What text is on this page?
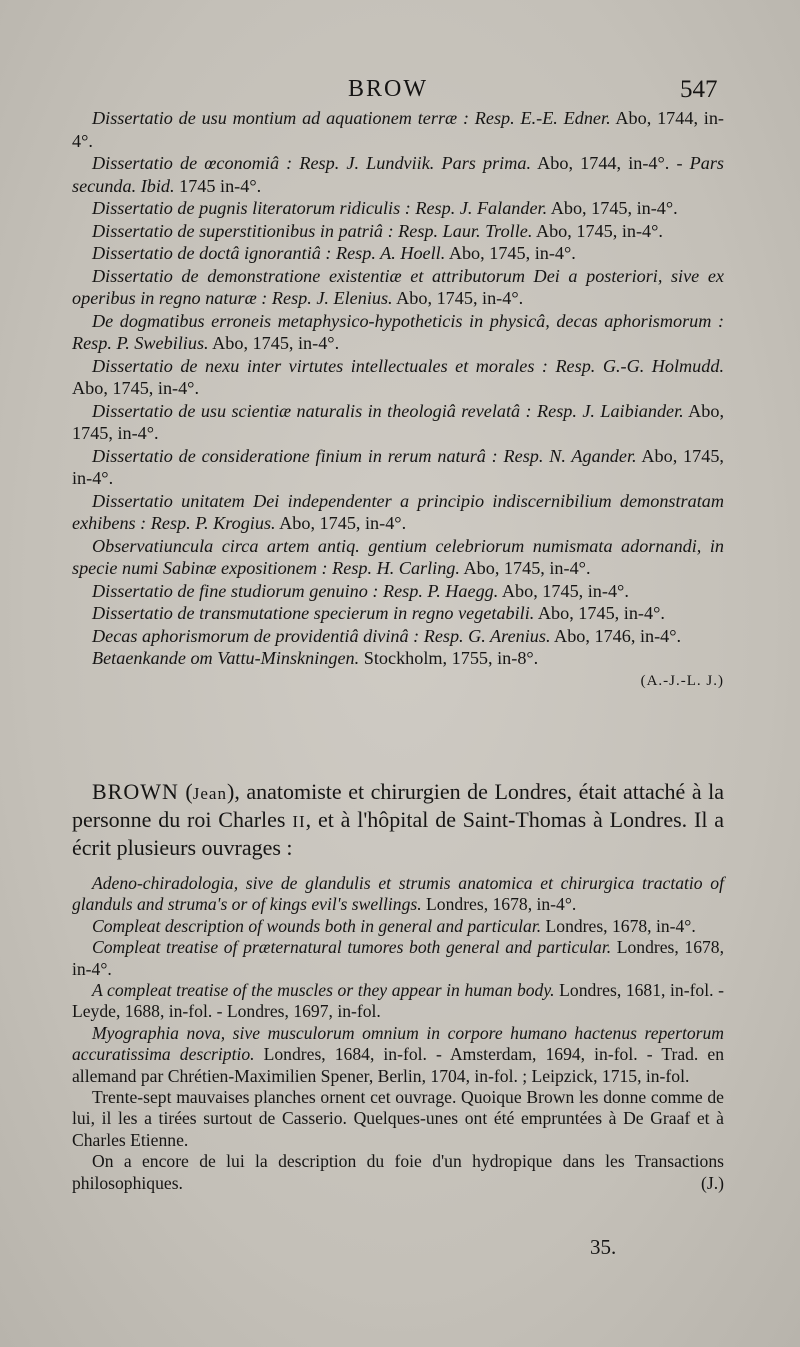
BROW	547
Dissertatio de usu montium ad aquationem terræ : Resp. E.-E. Edner. Abo, 1744, in-4°.
Dissertatio de œconomiâ : Resp. J. Lundviik. Pars prima. Abo, 1744, in-4°. - Pars secunda. Ibid. 1745 in-4°.
Dissertatio de pugnis literatorum ridiculis : Resp. J. Falander. Abo, 1745, in-4°.
Dissertatio de superstitionibus in patriâ : Resp. Laur. Trolle. Abo, 1745, in-4°.
Dissertatio de doctâ ignorantiâ : Resp. A. Hoell. Abo, 1745, in-4°.
Dissertatio de demonstratione existentiæ et attributorum Dei a posteriori, sive ex operibus in regno naturæ : Resp. J. Elenius. Abo, 1745, in-4°.
De dogmatibus erroneis metaphysico-hypotheticis in physicâ, decas aphorismorum : Resp. P. Swebilius. Abo, 1745, in-4°.
Dissertatio de nexu inter virtutes intellectuales et morales : Resp. G.-G. Holmudd. Abo, 1745, in-4°.
Dissertatio de usu scientiæ naturalis in theologiâ revelatâ : Resp. J. Laibiander. Abo, 1745, in-4°.
Dissertatio de consideratione finium in rerum naturâ : Resp. N. Agander. Abo, 1745, in-4°.
Dissertatio unitatem Dei independenter a principio indiscernibilium demonstratam exhibens : Resp. P. Krogius. Abo, 1745, in-4°.
Observatiuncula circa artem antiq. gentium celebriorum numismata adornandi, in specie numi Sabinæ expositionem : Resp. H. Carling. Abo, 1745, in-4°.
Dissertatio de fine studiorum genuino : Resp. P. Haegg. Abo, 1745, in-4°.
Dissertatio de transmutatione specierum in regno vegetabili. Abo, 1745, in-4°.
Decas aphorismorum de providentiâ divinâ : Resp. G. Arenius. Abo, 1746, in-4°.
Betaenkande om Vattu-Minskningen. Stockholm, 1755, in-8°.
(A.-J.-L. J.)
BROWN (Jean), anatomiste et chirurgien de Londres, était attaché à la personne du roi Charles II, et à l'hôpital de Saint-Thomas à Londres. Il a écrit plusieurs ouvrages :
Adeno-chiradologia, sive de glandulis et strumis anatomica et chirurgica tractatio of glanduls and struma's or of kings evil's swellings. Londres, 1678, in-4°.
Compleat description of wounds both in general and particular. Londres, 1678, in-4°.
Compleat treatise of præternatural tumores both general and particular. Londres, 1678, in-4°.
A compleat treatise of the muscles or they appear in human body. Londres, 1681, in-fol. - Leyde, 1688, in-fol. - Londres, 1697, in-fol.
Myographia nova, sive musculorum omnium in corpore humano hactenus repertorum accuratissima descriptio. Londres, 1684, in-fol. - Amsterdam, 1694, in-fol. - Trad. en allemand par Chrétien-Maximilien Spener, Berlin, 1704, in-fol. ; Leipzick, 1715, in-fol.

Trente-sept mauvaises planches ornent cet ouvrage. Quoique Brown les donne comme de lui, il les a tirées surtout de Casserio. Quelques-unes ont été empruntées à De Graaf et à Charles Etienne.

On a encore de lui la description du foie d'un hydropique dans les Transactions philosophiques.	(J.)

35.
